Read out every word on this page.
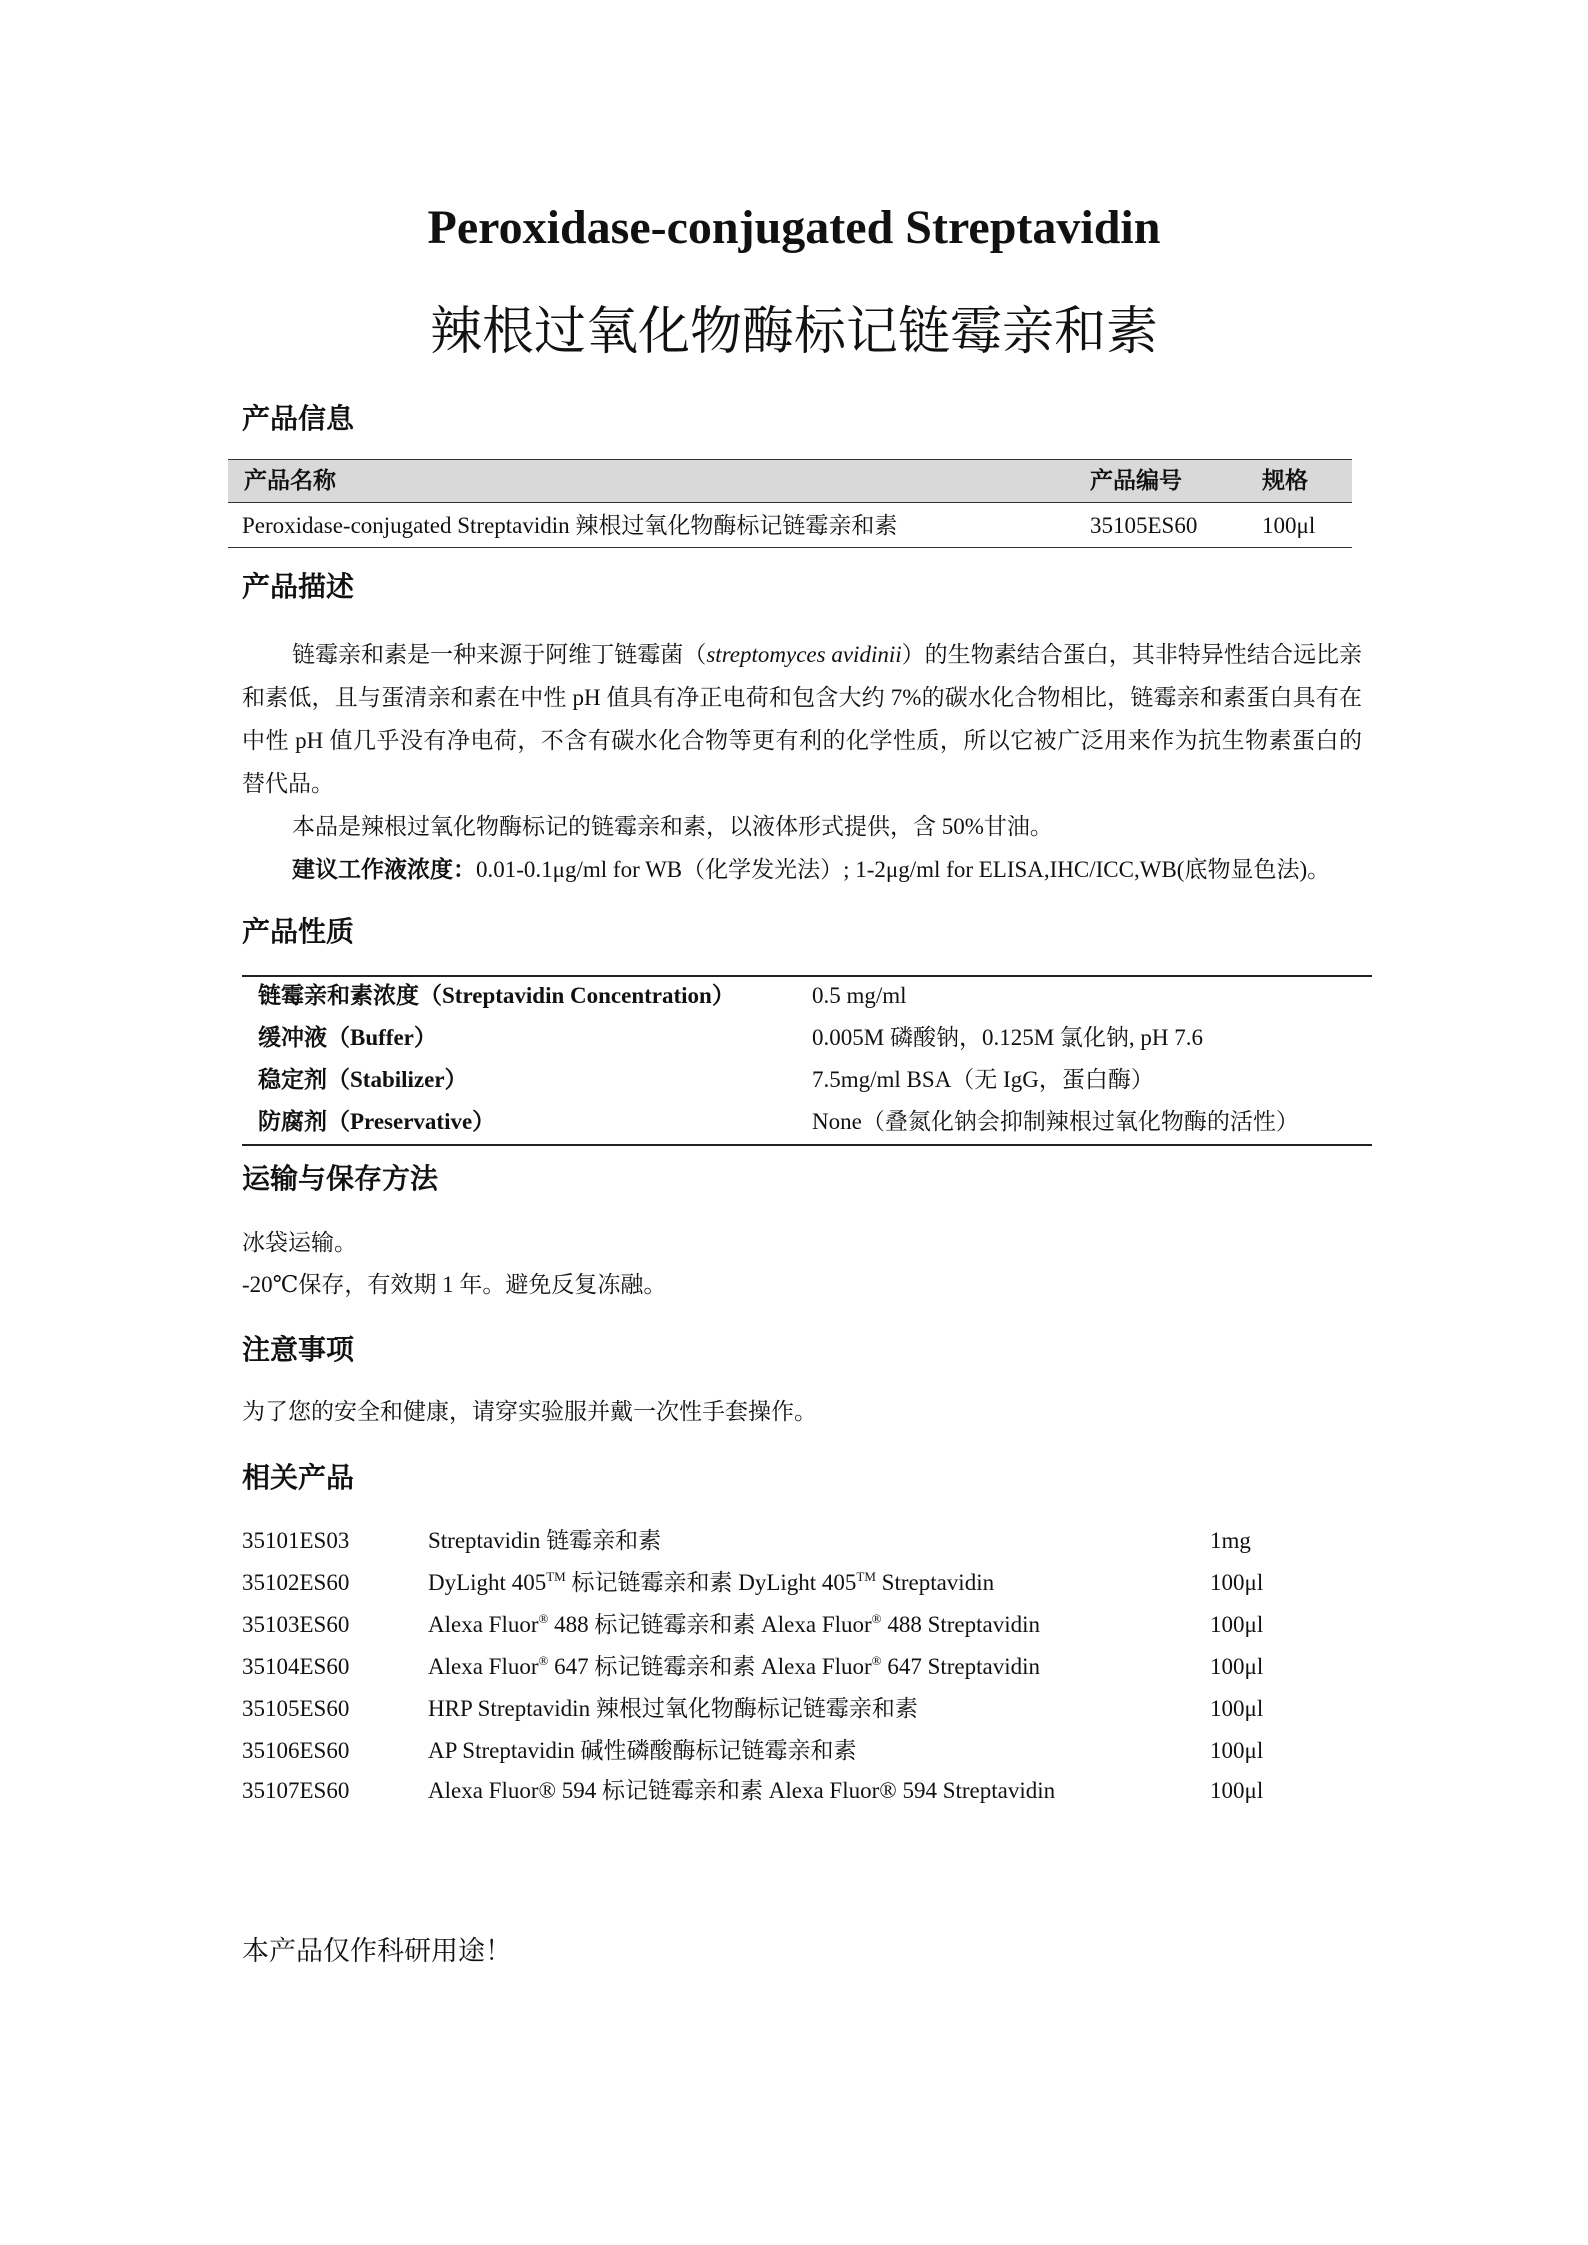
Peroxidase-conjugated Streptavidin
辣根过氧化物酶标记链霉亲和素
产品信息
产品名称	产品编号	规格
Peroxidase-conjugated Streptavidin 辣根过氧化物酶标记链霉亲和素	35105ES60	100μl
产品描述

链霉亲和素是一种来源于阿维丁链霉菌（streptomyces avidinii）的生物素结合蛋白，其非特异性结合远比亲和素低，且与蛋清亲和素在中性 pH 值具有净正电荷和包含大约 7%的碳水化合物相比，链霉亲和素蛋白具有在中性 pH 值几乎没有净电荷，不含有碳水化合物等更有利的化学性质，所以它被广泛用来作为抗生物素蛋白的替代品。

本品是辣根过氧化物酶标记的链霉亲和素，以液体形式提供，含 50%甘油。

建议工作液浓度：0.01-0.1μg/ml for WB（化学发光法）; 1-2μg/ml for ELISA,IHC/ICC,WB(底物显色法)。

产品性质
链霉亲和素浓度（Streptavidin Concentration）	0.5 mg/ml
缓冲液（Buffer）	0.005M 磷酸钠，0.125M 氯化钠, pH 7.6
稳定剂（Stabilizer）	7.5mg/ml BSA（无 IgG，蛋白酶）
防腐剂（Preservative）	None（叠氮化钠会抑制辣根过氧化物酶的活性）
运输与保存方法
冰袋运输。
-20℃保存，有效期 1 年。避免反复冻融。
注意事项
为了您的安全和健康，请穿实验服并戴一次性手套操作。
相关产品
35101ES03	Streptavidin 链霉亲和素	1mg
35102ES60	DyLight 405™ 标记链霉亲和素 DyLight 405™ Streptavidin	100μl
35103ES60	Alexa Fluor® 488 标记链霉亲和素 Alexa Fluor® 488 Streptavidin	100μl
35104ES60	Alexa Fluor® 647 标记链霉亲和素 Alexa Fluor® 647 Streptavidin	100μl
35105ES60	HRP Streptavidin 辣根过氧化物酶标记链霉亲和素	100μl
35106ES60	AP Streptavidin 碱性磷酸酶标记链霉亲和素	100μl
35107ES60	Alexa Fluor® 594 标记链霉亲和素 Alexa Fluor® 594 Streptavidin	100μl
本产品仅作科研用途！
